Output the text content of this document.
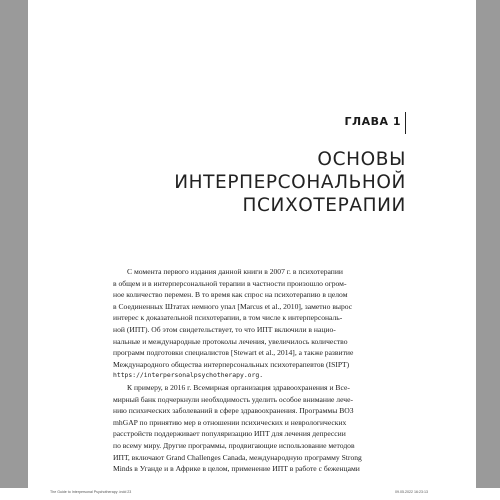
ГЛАВА 1
ОСНОВЫ
ИНТЕРПЕРСОНАЛЬНОЙ
ПСИХОТЕРАПИИ
С момента первого издания данной книги в 2007 г. в психотерапии
в общем и в интерперсональной терапии в частности произошло огром-
ное количество перемен. В то время как спрос на психотерапию в целом
в Соединенных Штатах немного упал [Marcus et al., 2010], заметно вырос
интерес к доказательной психотерапии, в том числе к интерперсональ-
ной (ИПТ). Об этом свидетельствует, то что ИПТ включили в нацио-
нальные и международные протоколы лечения, увеличилось количество
программ подготовки специалистов [Stewart et al., 2014], а также развитие
Международного общества интерперсональных психотерапевтов (ISIPT)
https://interpersonalpsychotherapy.org.
К примеру, в 2016 г. Всемирная организация здравоохранения и Все-
мирный банк подчеркнули необходимость уделить особое внимание лече-
нию психических заболеваний в сфере здравоохранения. Программы ВОЗ
mhGAP по принятию мер в отношении психических и неврологических
расстройств поддерживает популяризацию ИПТ для лечения депрессии
по всему миру. Другие программы, продвигающие использование методов
ИПТ, включают Grand Challenges Canada, международную программу Strong
Minds в Уганде и в Африке в целом, применение ИПТ в работе с беженцами
The Guide to Interpersonal Psychotherapy .indd 23	09.05.2022 16:23:13
